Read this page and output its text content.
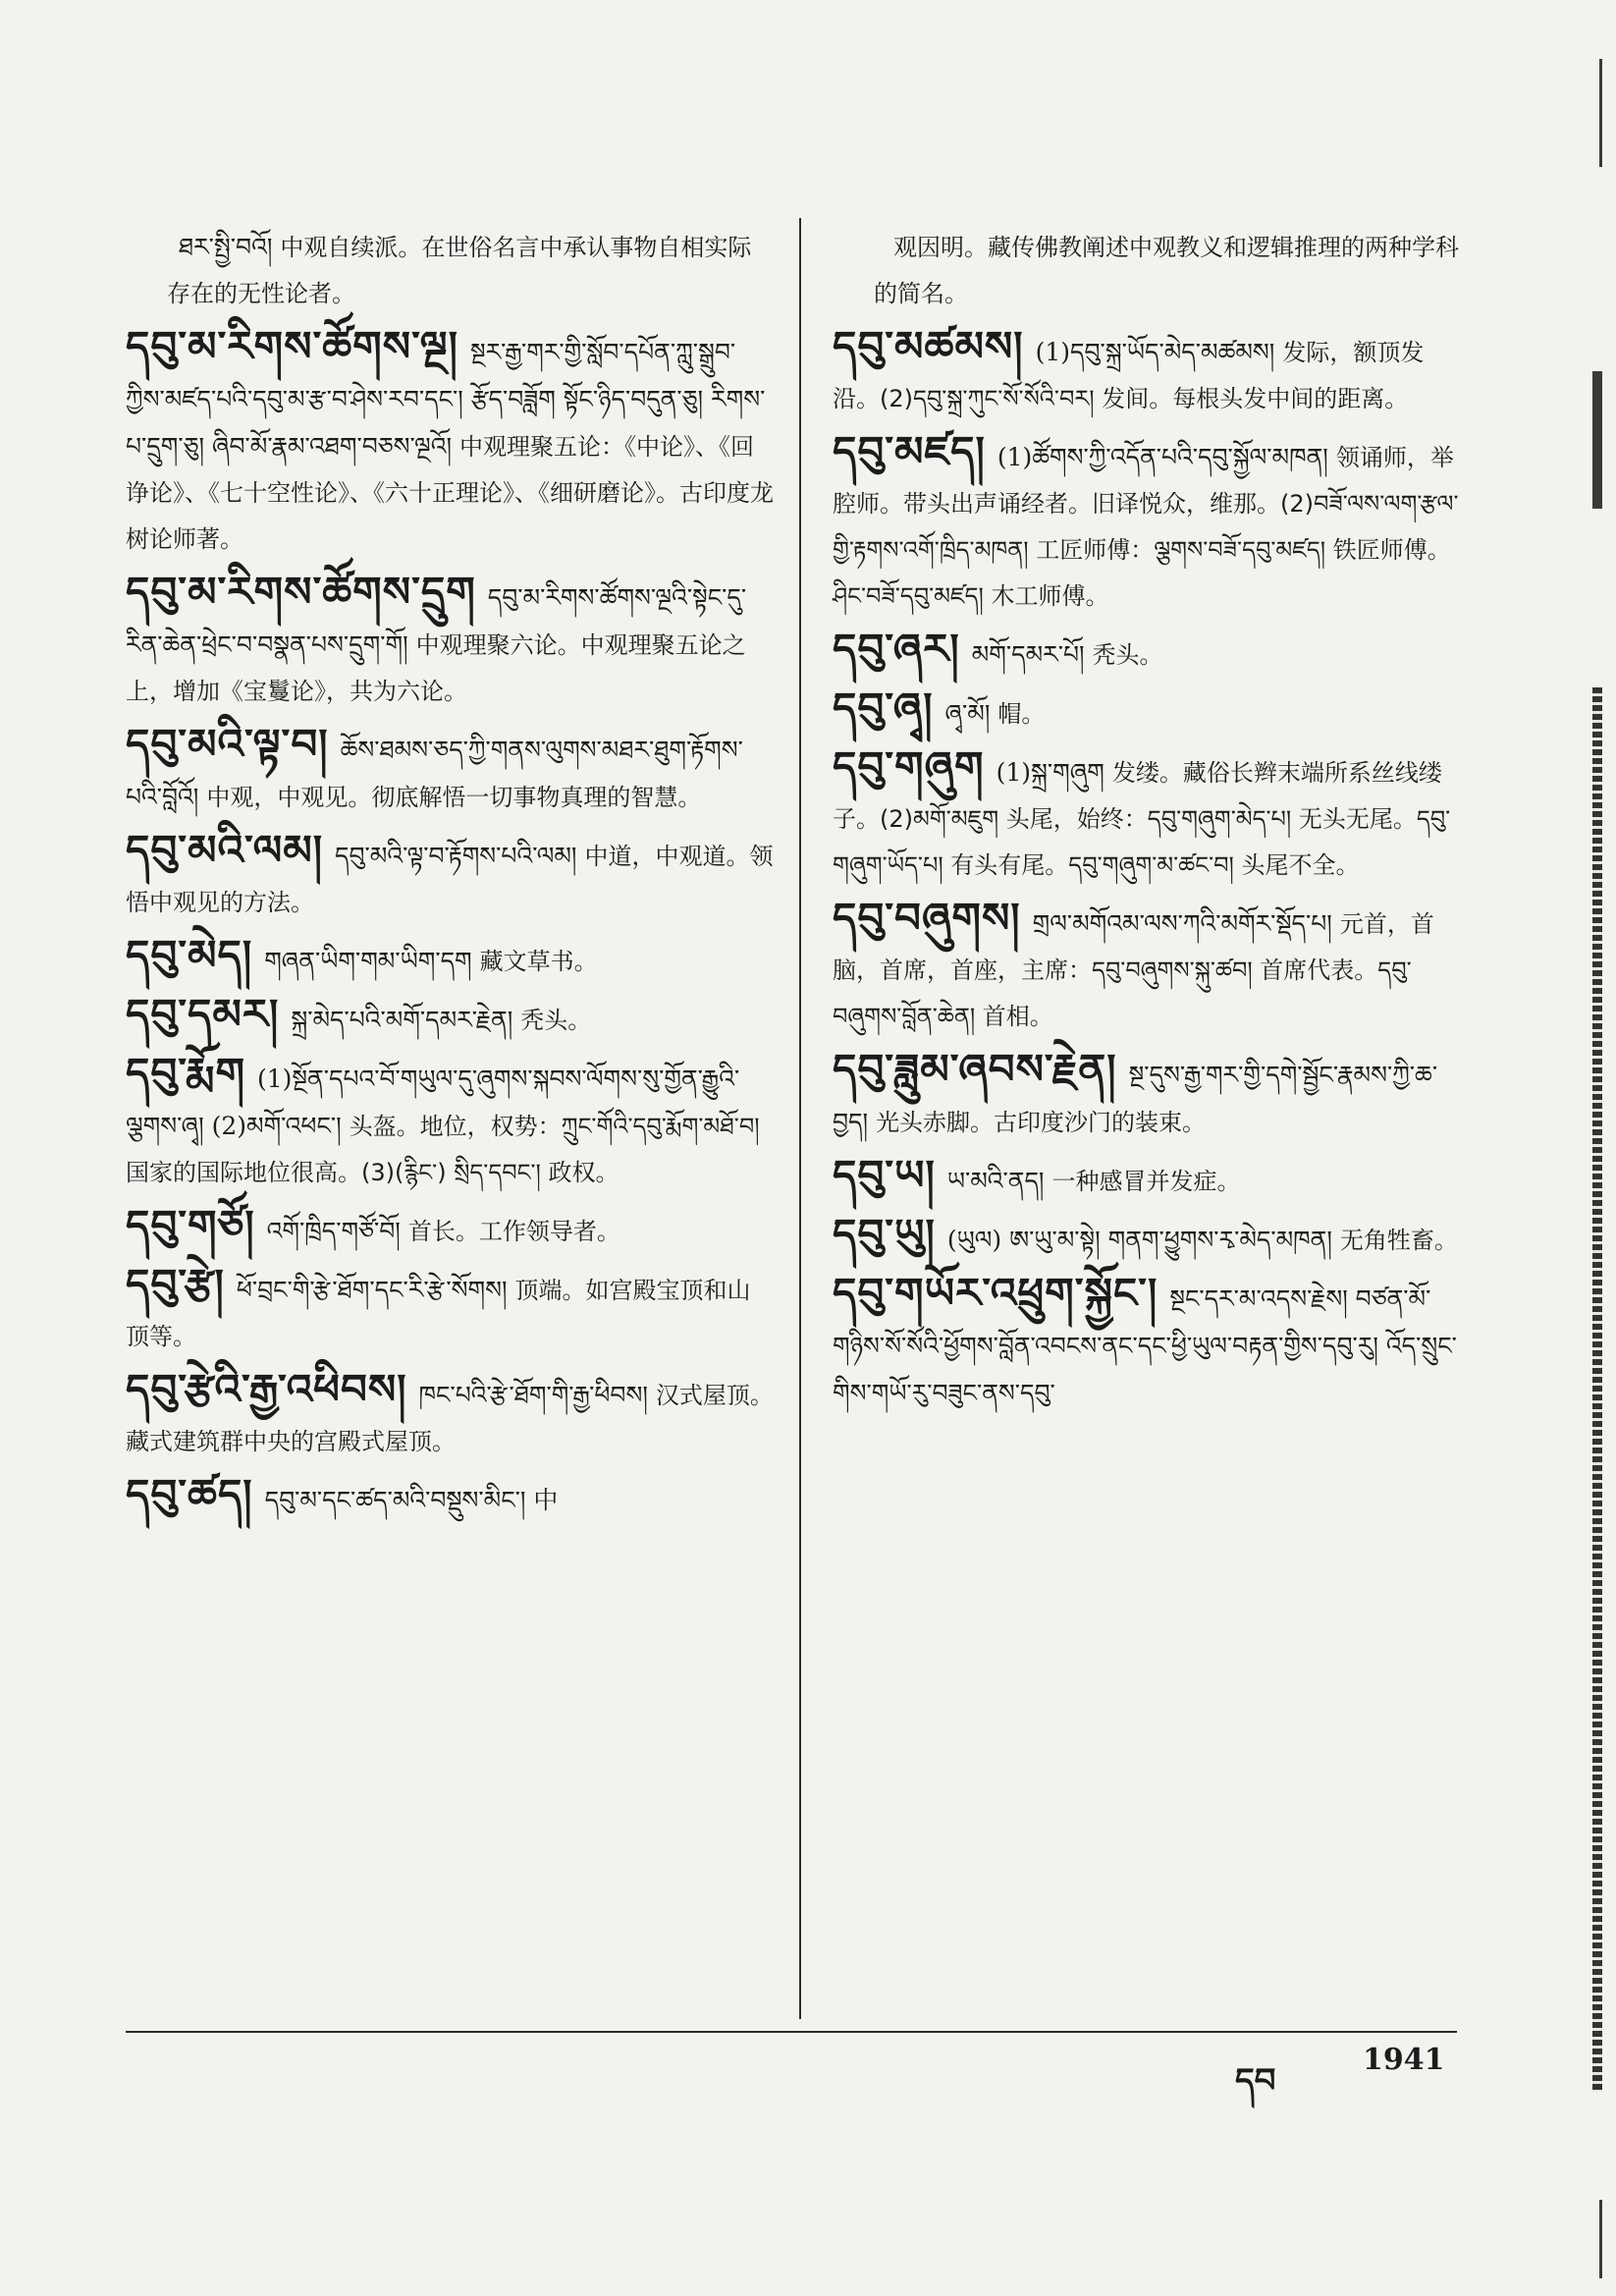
ཐར་སྤྱི་བའོ། 中观自续派。在世俗名言中承认事物自相实际存在的无性论者。
དབུ་མ་རིགས་ཚོགས་ལྔ། སྔར་རྒྱ་གར་གྱི་སློབ་དཔོན་ཀླུ་སྒྲུབ་ཀྱིས་མཛད་པའི་དབུ་མ་རྩ་བ་ཤེས་རབ་དང་། རྩོད་བཟློག སྟོང་ཉིད་བདུན་ཅུ། རིགས་པ་དྲུག་ཅུ། ཞིབ་མོ་རྣམ་འཐག་བཅས་ལྔའོ། 中观理聚五论：《中论》、《回诤论》、《七十空性论》、《六十正理论》、《细研磨论》。古印度龙树论师著。
དབུ་མ་རིགས་ཚོགས་དྲུག དབུ་མ་རིགས་ཚོགས་ལྔའི་སྟེང་དུ་རིན་ཆེན་ཕྲེང་བ་བསྣན་པས་དྲུག་གོ། 中观理聚六论。中观理聚五论之上，增加《宝鬘论》，共为六论。
དབུ་མའི་ལྟ་བ། ཆོས་ཐམས་ཅད་ཀྱི་གནས་ལུགས་མཐར་ཐུག་རྟོགས་པའི་བློའོ། 中观，中观见。彻底解悟一切事物真理的智慧。
དབུ་མའི་ལམ། དབུ་མའི་ལྟ་བ་རྟོགས་པའི་ལམ། 中道，中观道。领悟中观见的方法。
དབུ་མེད། གཞན་ཡིག་གམ་ཡིག་དག 藏文草书。
དབུ་དམར། སྐྲ་མེད་པའི་མགོ་དམར་རྗེན། 秃头。
དབུ་རྨོག (1)སྔོན་དཔའ་བོ་གཡུལ་དུ་ཞུགས་སྐབས་ལོགས་སུ་གྱོན་རྒྱུའི་ལྕགས་ཞྭ། (2)མགོ་འཕང་། 头盔。地位，权势：ཀྲུང་གོའི་དབུ་རྨོག་མཐོ་བ། 国家的国际地位很高。(3)(རྙིང་) སྲིད་དབང་། 政权。
དབུ་གཙོ། འགོ་ཁྲིད་གཙོ་བོ། 首长。工作领导者。
དབུ་རྩེ། ཕོ་བྲང་གི་རྩེ་ཐོག་དང་རི་རྩེ་སོགས། 顶端。如宫殿宝顶和山顶等。
དབུ་རྩེའི་རྒྱ་འཕིབས། ཁང་པའི་རྩེ་ཐོག་གི་རྒྱ་ཕིབས། 汉式屋顶。藏式建筑群中央的宫殿式屋顶。
དབུ་ཚད། དབུ་མ་དང་ཚད་མའི་བསྡུས་མིང་། 中
观因明。藏传佛教阐述中观教义和逻辑推理的两种学科的简名。
དབུ་མཚམས། (1)དབུ་སྐྲ་ཡོད་མེད་མཚམས། 发际，额顶发沿。(2)དབུ་སྐྲ་ཀུང་སོ་སོའི་བར། 发间。每根头发中间的距离。
དབུ་མཛད། (1)ཚོགས་ཀྱི་འདོན་པའི་དབུ་སྐྱོལ་མཁན། 领诵师，举腔师。带头出声诵经者。旧译悦众，维那。(2)བཟོ་ལས་ལག་རྩལ་གྱི་རྟགས་འགོ་ཁྲིད་མཁན། 工匠师傅：ལྕགས་བཟོ་དབུ་མཛད། 铁匠师傅。ཤིང་བཟོ་དབུ་མཛད། 木工师傅。
དབུ་ཞར། མགོ་དམར་པོ། 秃头。
དབུ་ཞྭ། ཞྭ་མོ། 帽。
དབུ་གཞུག (1)སྐྲ་གཞུག 发缕。藏俗长辫末端所系丝线缕子。(2)མགོ་མཇུག 头尾，始终：དབུ་གཞུག་མེད་པ། 无头无尾。དབུ་གཞུག་ཡོད་པ། 有头有尾。དབུ་གཞུག་མ་ཚང་བ། 头尾不全。
དབུ་བཞུགས། གྲལ་མགོའམ་ལས་ཀའི་མགོར་སྡོད་པ། 元首，首脑，首席，首座，主席：དབུ་བཞུགས་སྐུ་ཚབ། 首席代表。དབུ་བཞུགས་བློན་ཆེན། 首相。
དབུ་ཟླུམ་ཞབས་རྗེན། སྔ་དུས་རྒྱ་གར་གྱི་དགེ་སྦྱོང་རྣམས་ཀྱི་ཆ་བྱད། 光头赤脚。古印度沙门的装束。
དབུ་ཡ། ཡ་མའི་ནད། 一种感冒并发症。
དབུ་ཡུ། (ཡུལ) ཨ་ཡུ་མ་སྟེ། གནག་ཕྱུགས་རྭ་མེད་མཁན། 无角牲畜。
དབུ་གཡོར་འཕྲུག་སྐྱོང་། སྔང་དར་མ་འདས་རྗེས། བཙན་མོ་གཉིས་སོ་སོའི་ཕྱོགས་བློན་འབངས་ནང་དང་ཕྱི་ཡུལ་བརྟན་གྱིས་དབུ་རུ། འོད་སྲུང་གིས་གཡོ་རུ་བཟུང་ནས་དབུ་
དབ
1941
